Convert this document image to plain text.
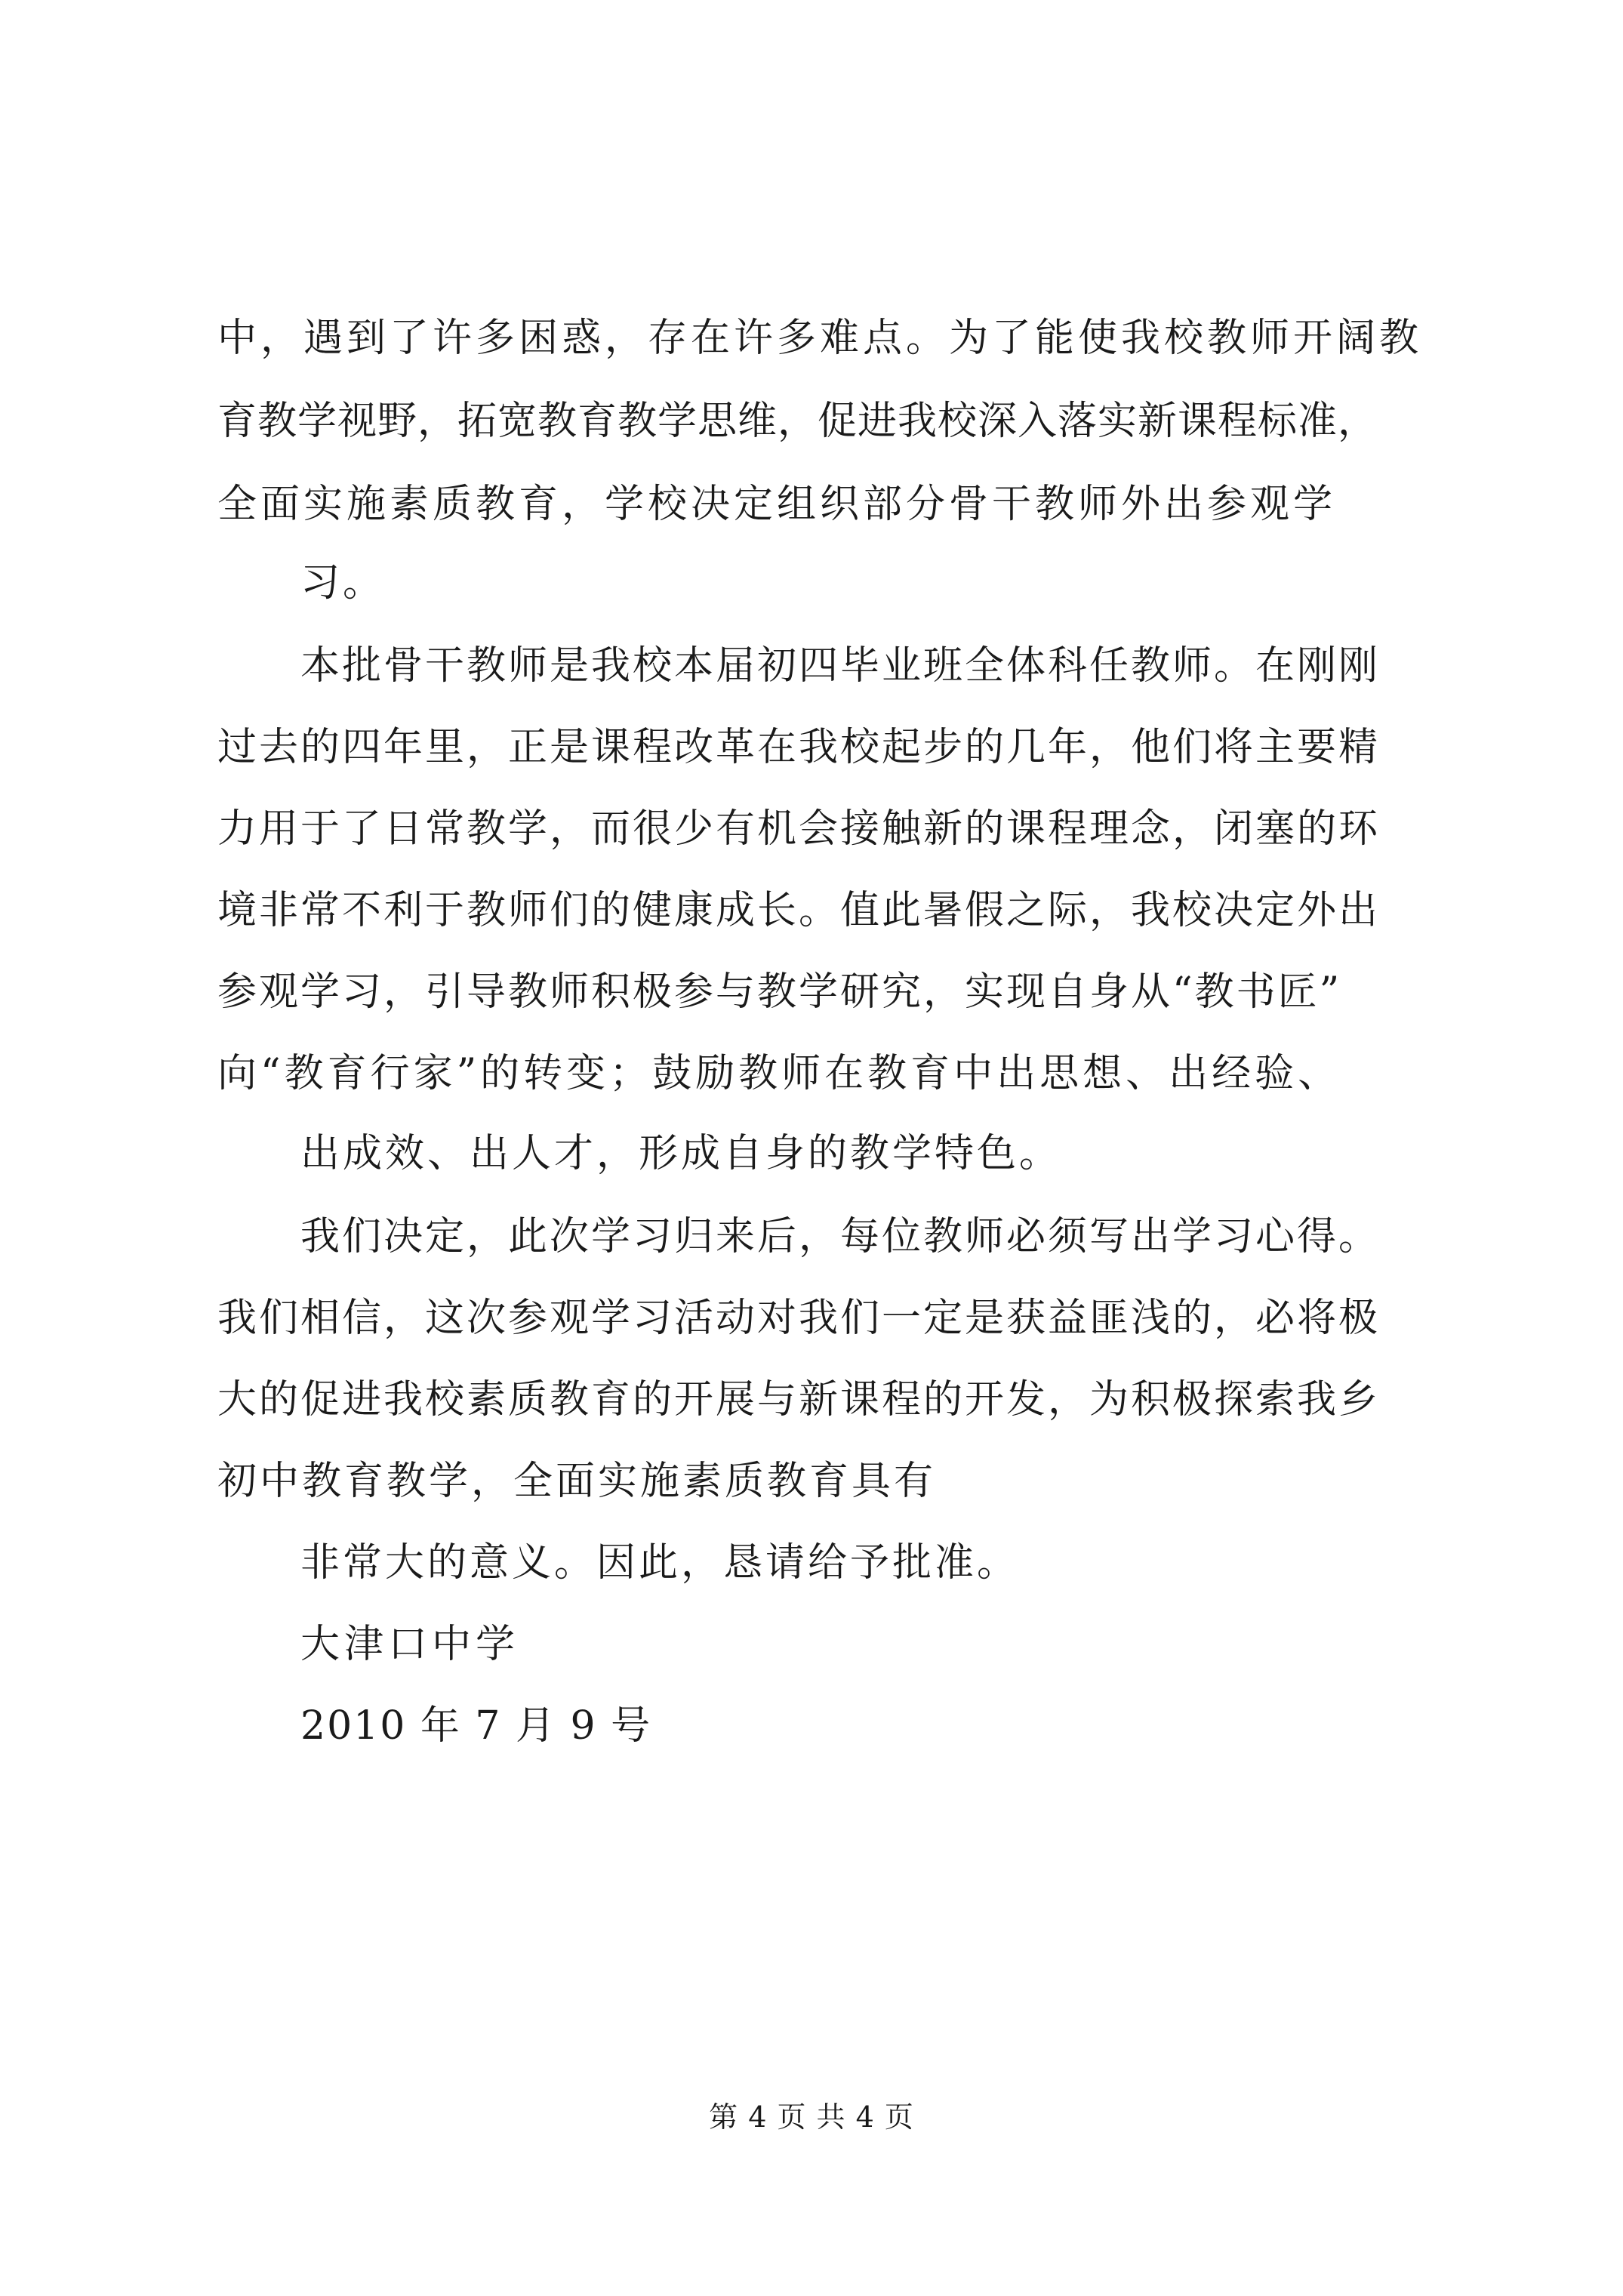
中，遇到了许多困惑，存在许多难点。为了能使我校教师开阔教
育教学视野，拓宽教育教学思维，促进我校深入落实新课程标准，
全面实施素质教育，学校决定组织部分骨干教师外出参观学
习。
本批骨干教师是我校本届初四毕业班全体科任教师。在刚刚
过去的四年里，正是课程改革在我校起步的几年，他们将主要精
力用于了日常教学，而很少有机会接触新的课程理念，闭塞的环
境非常不利于教师们的健康成长。值此暑假之际，我校决定外出
参观学习，引导教师积极参与教学研究，实现自身从“教书匠”
向“教育行家”的转变；鼓励教师在教育中出思想、出经验、
出成效、出人才，形成自身的教学特色。
我们决定，此次学习归来后，每位教师必须写出学习心得。
我们相信，这次参观学习活动对我们一定是获益匪浅的，必将极
大的促进我校素质教育的开展与新课程的开发，为积极探索我乡
初中教育教学，全面实施素质教育具有
非常大的意义。因此，恳请给予批准。
大津口中学
2010 年 7 月 9 号
第 4 页 共 4 页
